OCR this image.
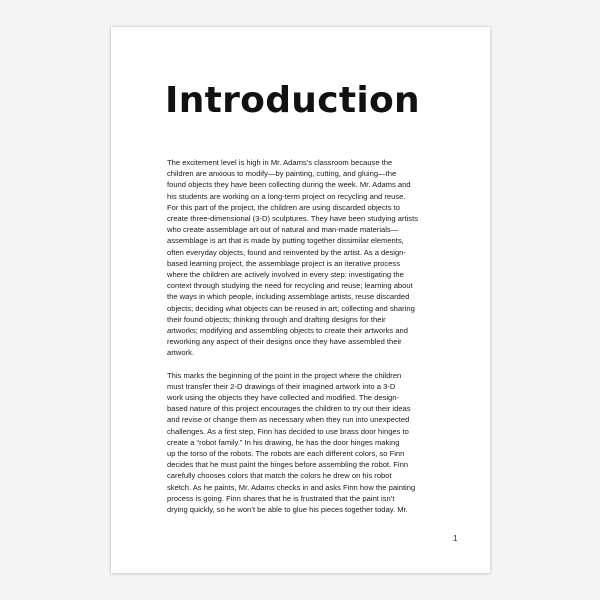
Introduction

The excitement level is high in Mr. Adams’s classroom because the
children are anxious to modify—by painting, cutting, and gluing—the
found objects they have been collecting during the week. Mr. Adams and
his students are working on a long-term project on recycling and reuse.
For this part of the project, the children are using discarded objects to
create three-dimensional (3-D) sculptures. They have been studying artists
who create assemblage art out of natural and man-made materials—
assemblage is art that is made by putting together dissimilar elements,
often everyday objects, found and reinvented by the artist. As a design-
based learning project, the assemblage project is an iterative process
where the children are actively involved in every step: investigating the
context through studying the need for recycling and reuse; learning about
the ways in which people, including assemblage artists, reuse discarded
objects; deciding what objects can be reused in art; collecting and sharing
their found objects; thinking through and drafting designs for their
artworks; modifying and assembling objects to create their artworks and
reworking any aspect of their designs once they have assembled their
artwork.

This marks the beginning of the point in the project where the children
must transfer their 2-D drawings of their imagined artwork into a 3-D
work using the objects they have collected and modified. The design-
based nature of this project encourages the children to try out their ideas
and revise or change them as necessary when they run into unexpected
challenges. As a first step, Finn has decided to use brass door hinges to
create a “robot family.” In his drawing, he has the door hinges making
up the torso of the robots. The robots are each different colors, so Finn
decides that he must paint the hinges before assembling the robot. Finn
carefully chooses colors that match the colors he drew on his robot
sketch. As he paints, Mr. Adams checks in and asks Finn how the painting
process is going. Finn shares that he is frustrated that the paint isn’t
drying quickly, so he won’t be able to glue his pieces together today. Mr.

1
